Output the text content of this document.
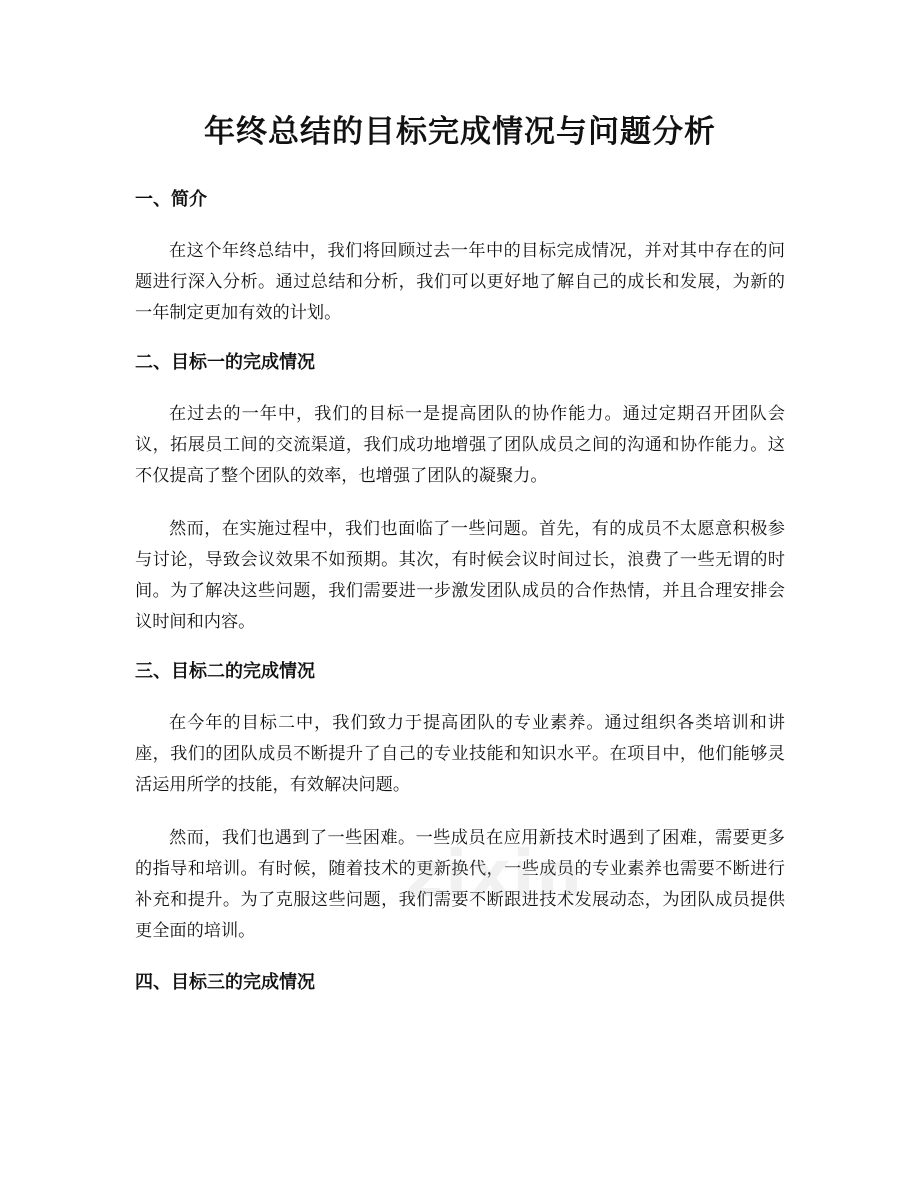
年终总结的目标完成情况与问题分析
一、简介

在这个年终总结中，我们将回顾过去一年中的目标完成情况，并对其中存在的问题进行深入分析。通过总结和分析，我们可以更好地了解自己的成长和发展，为新的一年制定更加有效的计划。

二、目标一的完成情况

在过去的一年中，我们的目标一是提高团队的协作能力。通过定期召开团队会议，拓展员工间的交流渠道，我们成功地增强了团队成员之间的沟通和协作能力。这不仅提高了整个团队的效率，也增强了团队的凝聚力。

然而，在实施过程中，我们也面临了一些问题。首先，有的成员不太愿意积极参与讨论，导致会议效果不如预期。其次，有时候会议时间过长，浪费了一些无谓的时间。为了解决这些问题，我们需要进一步激发团队成员的合作热情，并且合理安排会议时间和内容。

三、目标二的完成情况

在今年的目标二中，我们致力于提高团队的专业素养。通过组织各类培训和讲座，我们的团队成员不断提升了自己的专业技能和知识水平。在项目中，他们能够灵活运用所学的技能，有效解决问题。

然而，我们也遇到了一些困难。一些成员在应用新技术时遇到了困难，需要更多的指导和培训。有时候，随着技术的更新换代，一些成员的专业素养也需要不断进行补充和提升。为了克服这些问题，我们需要不断跟进技术发展动态，为团队成员提供更全面的培训。

四、目标三的完成情况
zixin
